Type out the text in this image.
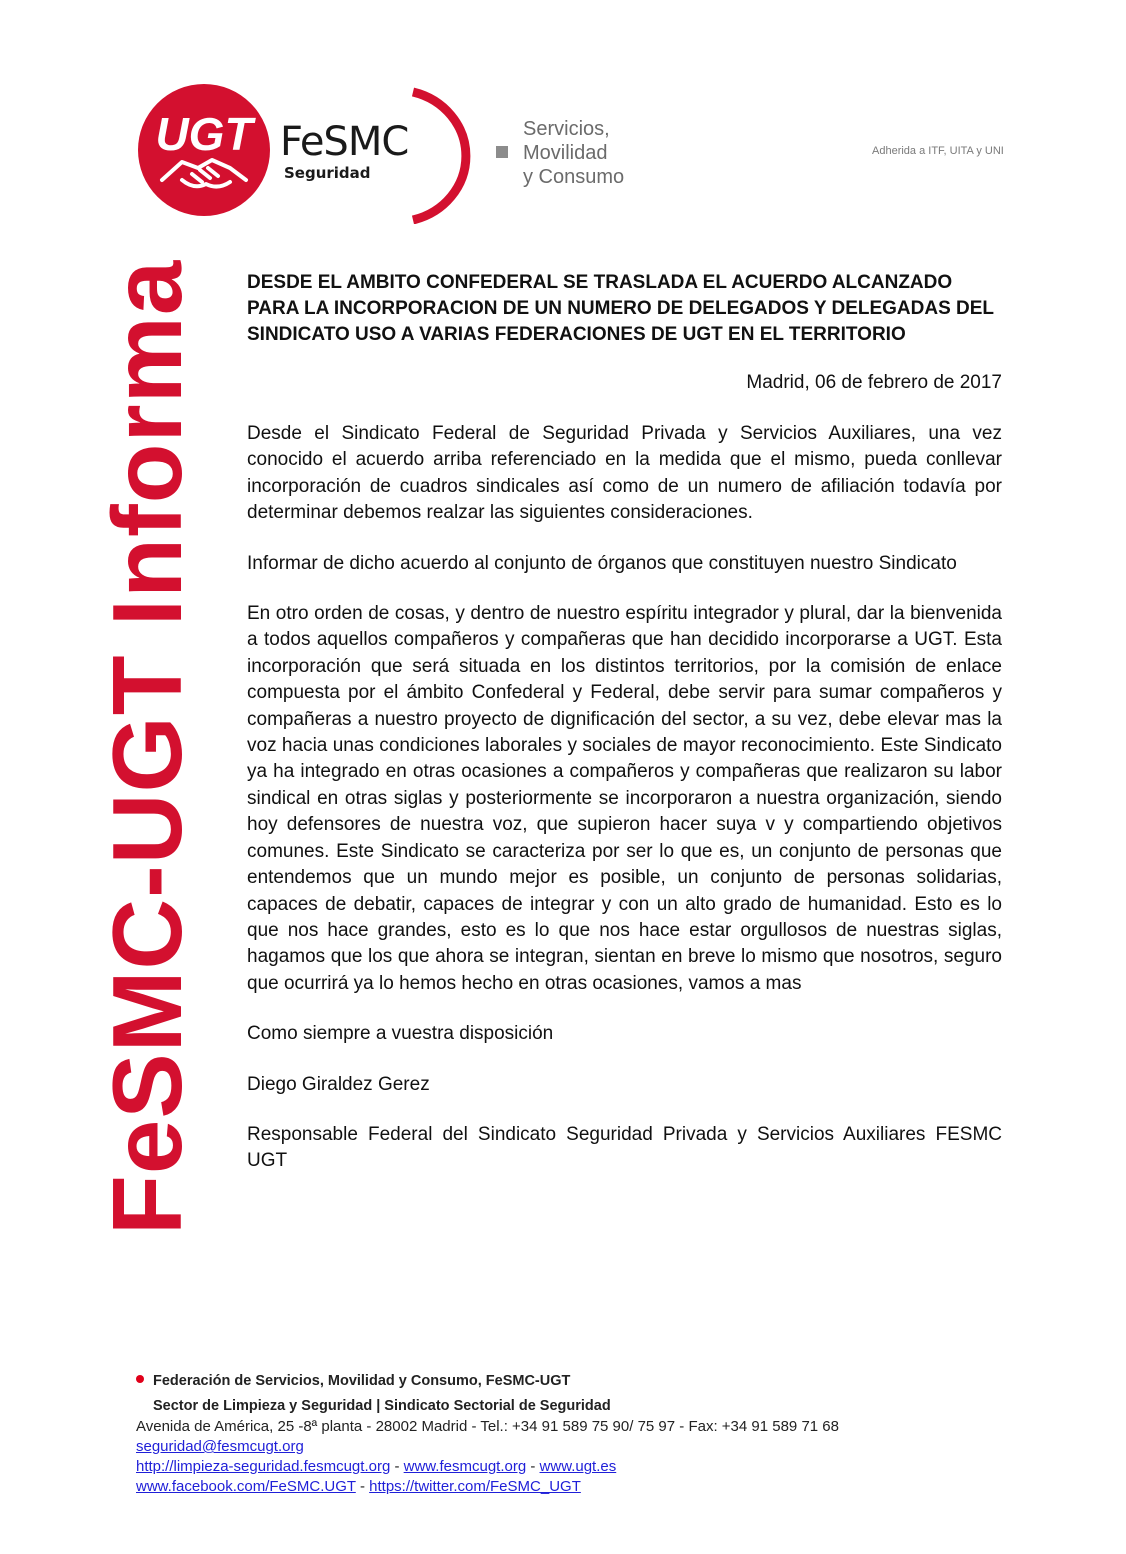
UGT FeSMC
Seguridad
Servicios,
Movilidad
y Consumo
Adherida a ITF, UITA y UNI
FeSMC-UGT Informa DESDE EL AMBITO CONFEDERAL SE TRASLADA EL ACUERDO ALCANZADO
PARA LA INCORPORACION DE UN NUMERO DE DELEGADOS Y DELEGADAS DEL
SINDICATO USO A VARIAS FEDERACIONES DE UGT EN EL TERRITORIO
Madrid, 06 de febrero de 2017

Desde el Sindicato Federal de Seguridad Privada y Servicios Auxiliares, una vez conocido el acuerdo arriba referenciado en la medida que el mismo, pueda conllevar incorporación de cuadros sindicales así como de un numero de afiliación todavía por determinar debemos realzar las siguientes consideraciones.

Informar de dicho acuerdo al conjunto de órganos que constituyen nuestro Sindicato

En otro orden de cosas, y dentro de nuestro espíritu integrador y plural, dar la bienvenida a todos aquellos compañeros y compañeras que han decidido incorporarse a UGT. Esta incorporación que será situada en los distintos territorios, por la comisión de enlace compuesta por el ámbito Confederal y Federal, debe servir para sumar compañeros y compañeras a nuestro proyecto de dignificación del sector, a su vez, debe elevar mas la voz hacia unas condiciones laborales y sociales de mayor reconocimiento. Este Sindicato ya ha integrado en otras ocasiones a compañeros y compañeras que realizaron su labor sindical en otras siglas y posteriormente se incorporaron a nuestra organización, siendo hoy defensores de nuestra voz, que supieron hacer suya v y compartiendo objetivos comunes. Este Sindicato se caracteriza por ser lo que es, un conjunto de personas que entendemos que un mundo mejor es posible, un conjunto de personas solidarias, capaces de debatir, capaces de integrar y con un alto grado de humanidad. Esto es lo que nos hace grandes, esto es lo que nos hace estar orgullosos de nuestras siglas, hagamos que los que ahora se integran, sientan en breve lo mismo que nosotros, seguro que ocurrirá ya lo hemos hecho en otras ocasiones, vamos a mas

Como siempre a vuestra disposición

Diego Giraldez Gerez

Responsable Federal del Sindicato Seguridad Privada y Servicios Auxiliares FESMC UGT

Federación de Servicios, Movilidad y Consumo, FeSMC-UGT
Sector de Limpieza y Seguridad | Sindicato Sectorial de Seguridad
Avenida de América, 25 -8ª planta - 28002 Madrid - Tel.: +34 91 589 75 90/ 75 97 - Fax: +34 91 589 71 68
seguridad@fesmcugt.org
http://limpieza-seguridad.fesmcugt.org - www.fesmcugt.org - www.ugt.es
www.facebook.com/FeSMC.UGT - https://twitter.com/FeSMC_UGT
